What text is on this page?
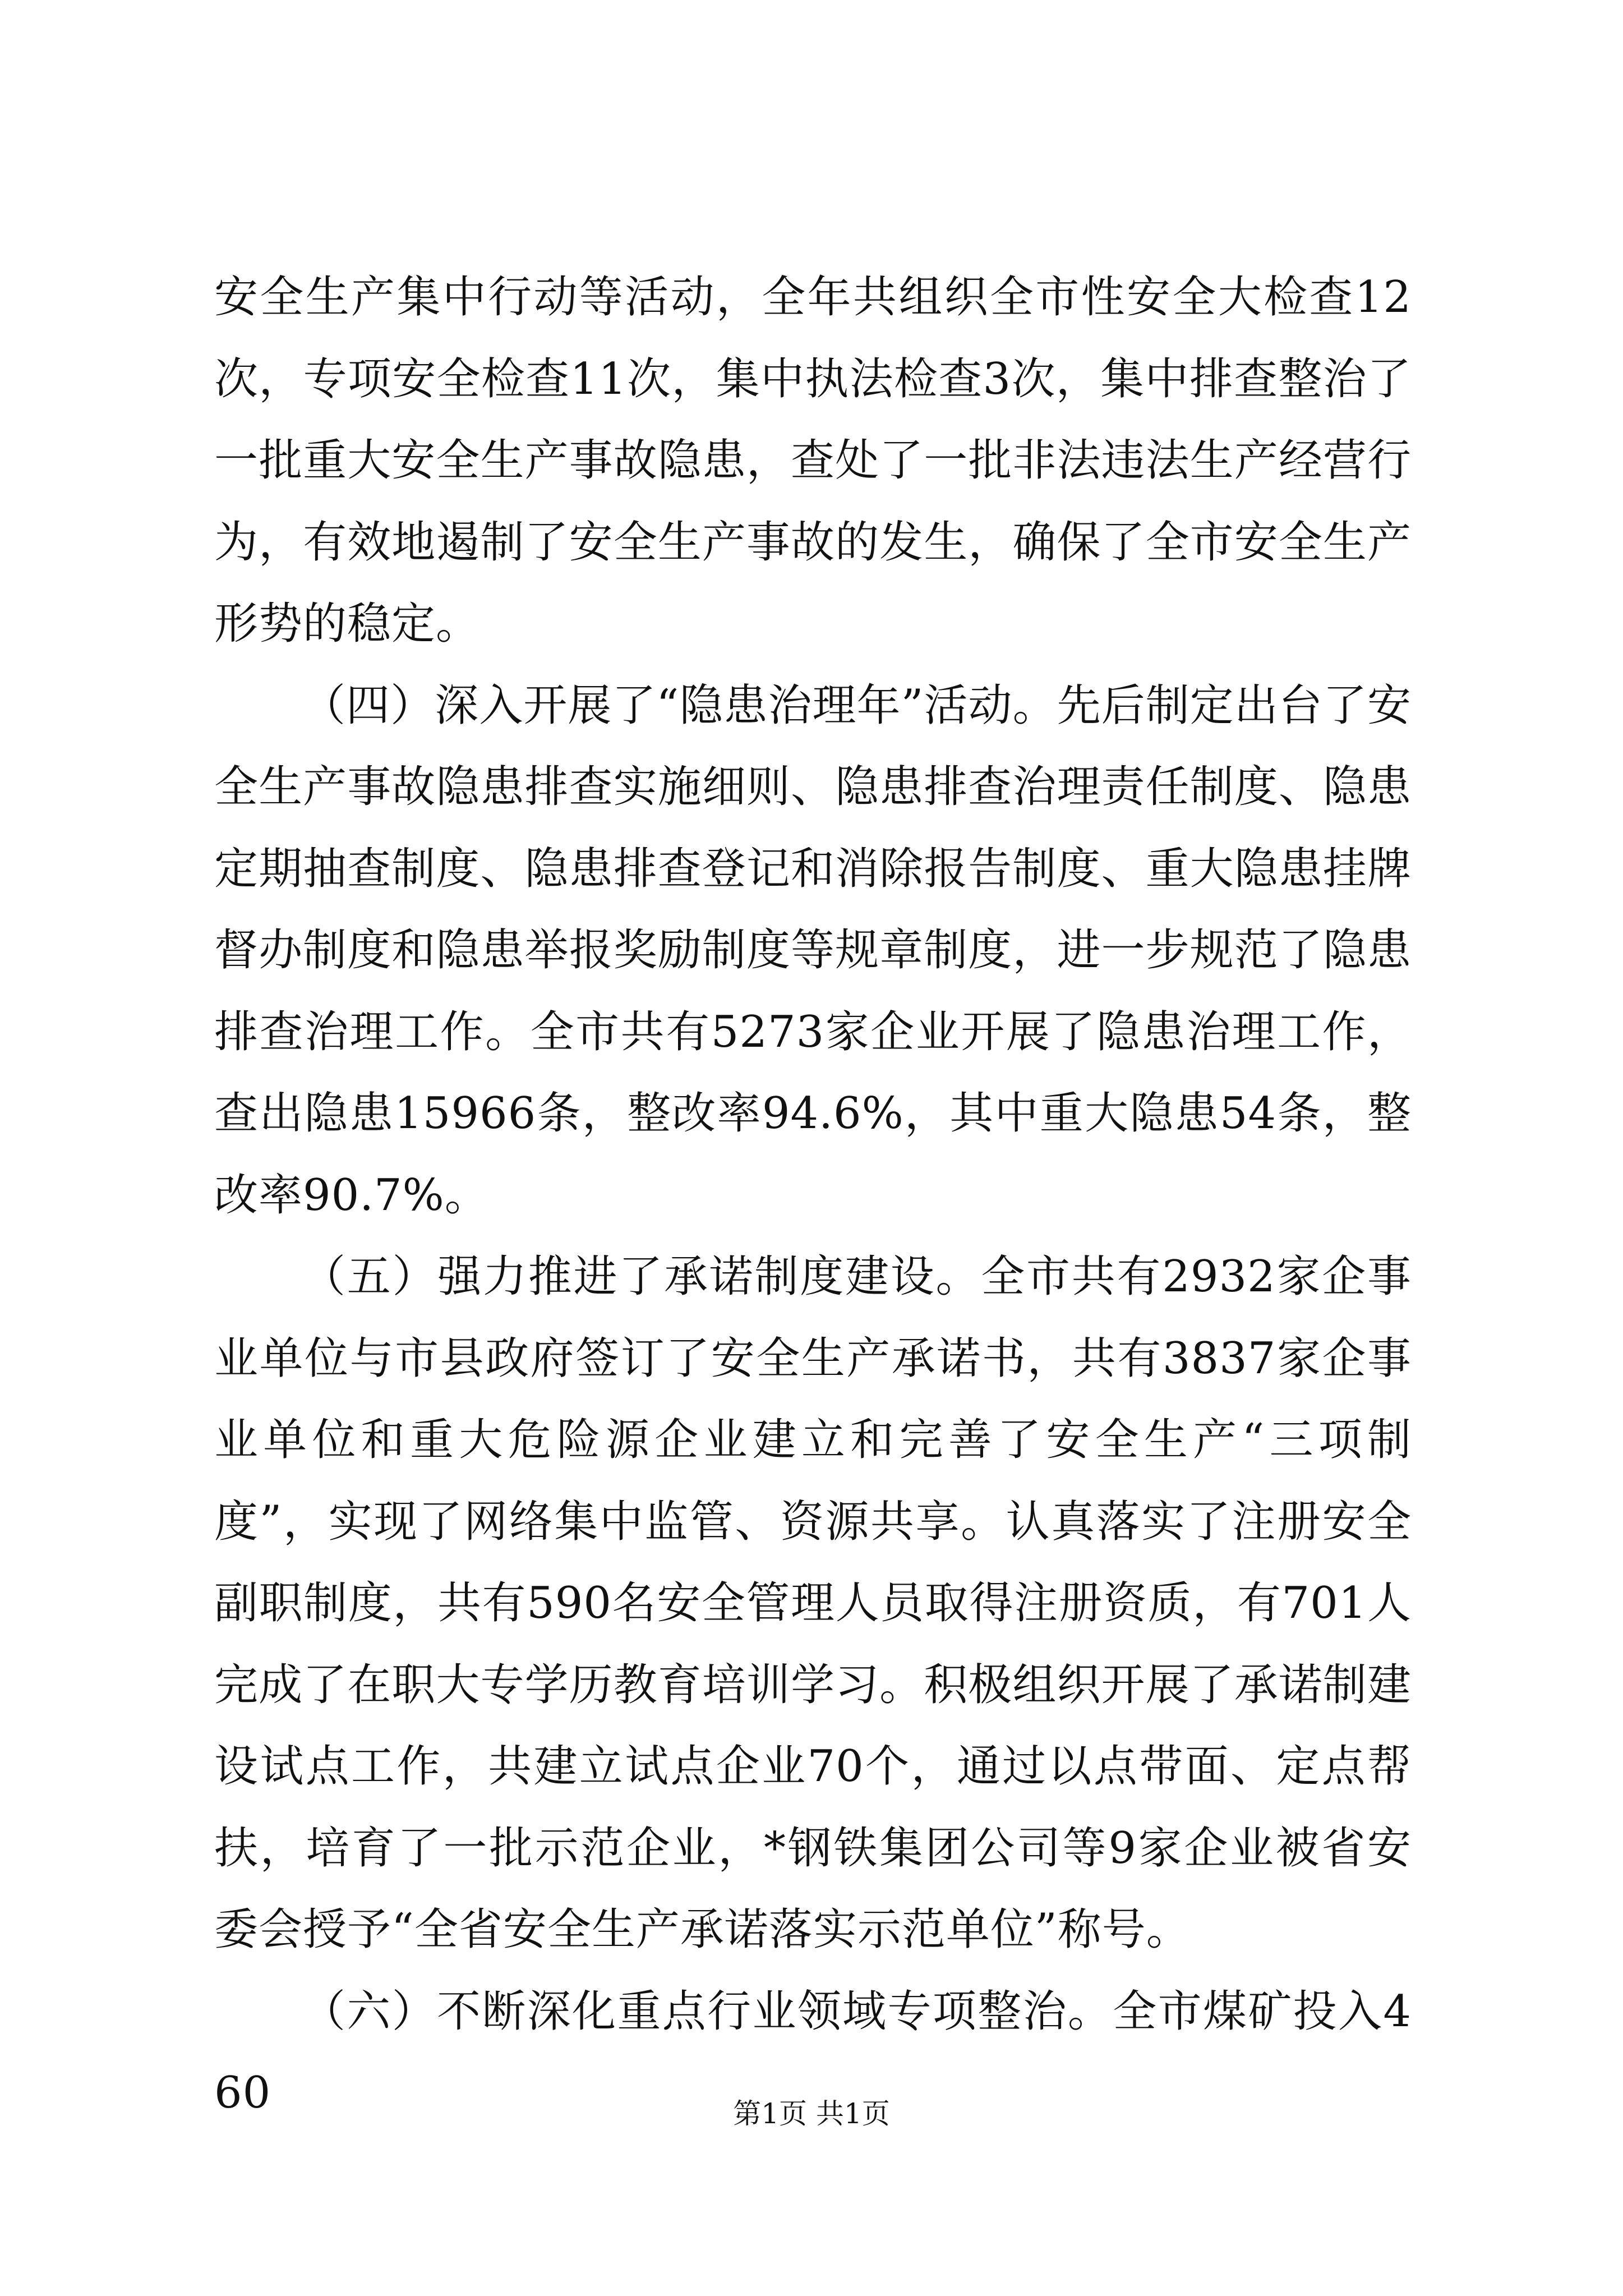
安全生产集中行动等活动，全年共组织全市性安全大检查12次，专项安全检查11次，集中执法检查3次，集中排查整治了一批重大安全生产事故隐患，查处了一批非法违法生产经营行为，有效地遏制了安全生产事故的发生，确保了全市安全生产形势的稳定。

（四）深入开展了“隐患治理年”活动。先后制定出台了安全生产事故隐患排查实施细则、隐患排查治理责任制度、隐患定期抽查制度、隐患排查登记和消除报告制度、重大隐患挂牌督办制度和隐患举报奖励制度等规章制度，进一步规范了隐患排查治理工作。全市共有5273家企业开展了隐患治理工作，查出隐患15966条，整改率94.6%，其中重大隐患54条，整改率90.7%。

（五）强力推进了承诺制度建设。全市共有2932家企事业单位与市县政府签订了安全生产承诺书，共有3837家企事业单位和重大危险源企业建立和完善了安全生产“三项制度”，实现了网络集中监管、资源共享。认真落实了注册安全副职制度，共有590名安全管理人员取得注册资质，有701人完成了在职大专学历教育培训学习。积极组织开展了承诺制建设试点工作，共建立试点企业70个，通过以点带面、定点帮扶，培育了一批示范企业，*钢铁集团公司等9家企业被省安委会授予“全省安全生产承诺落实示范单位”称号。

（六）不断深化重点行业领域专项整治。全市煤矿投入460	第1页 共1页
